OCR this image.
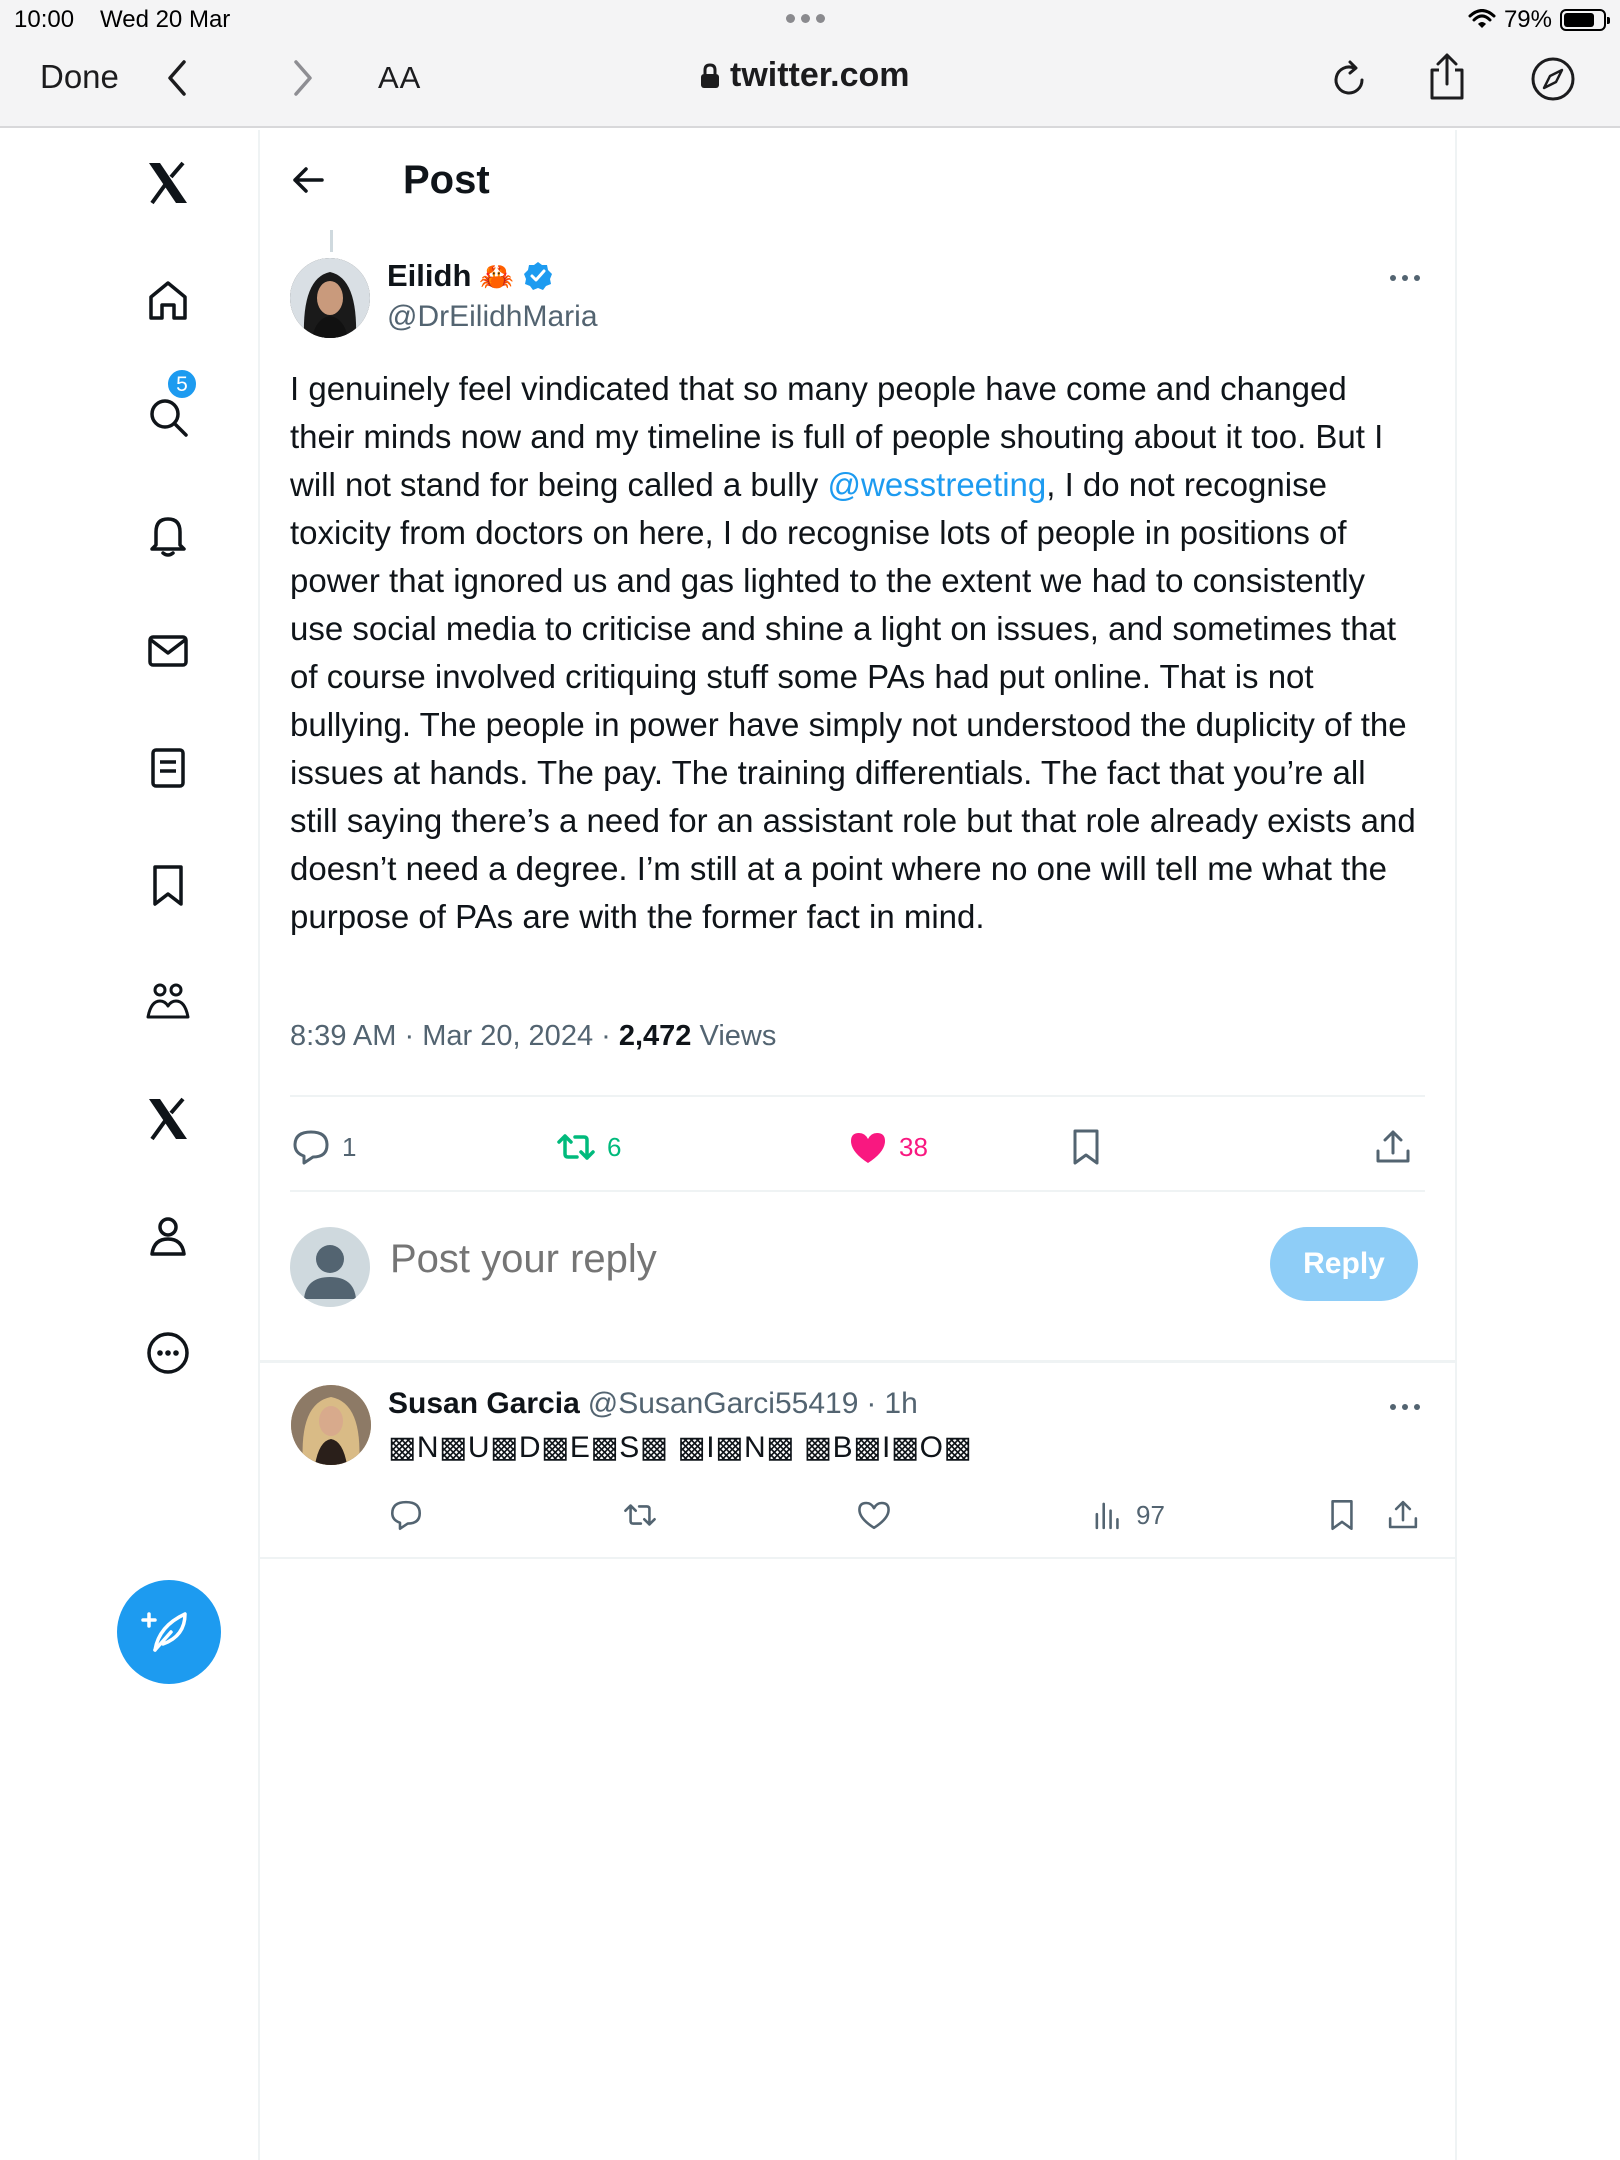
10:00 Wed 20 Mar	79%
Done	AA	twitter.com
5
Post
Eilidh 🦀
@DrEilidhMaria
I genuinely feel vindicated that so many people have come and changed their minds now and my timeline is full of people shouting about it too. But I will not stand for being called a bully @wesstreeting, I do not recognise toxicity from doctors on here, I do recognise lots of people in positions of power that ignored us and gas lighted to the extent we had to consistently use social media to criticise and shine a light on issues, and sometimes that of course involved critiquing stuff some PAs had put online. That is not bullying. The people in power have simply not understood the duplicity of the issues at hands. The pay. The training differentials. The fact that you’re all still saying there’s a need for an assistant role but that role already exists and doesn’t need a degree. I’m still at a point where no one will tell me what the purpose of PAs are with the former fact in mind.
8:39 AM · Mar 20, 2024 · 2,472 Views
1	6	38
Post your reply
Reply
Susan Garcia @SusanGarci55419 · 1h
▩N▩U▩D▩E▩S▩ ▩I▩N▩ ▩B▩I▩O▩
97
